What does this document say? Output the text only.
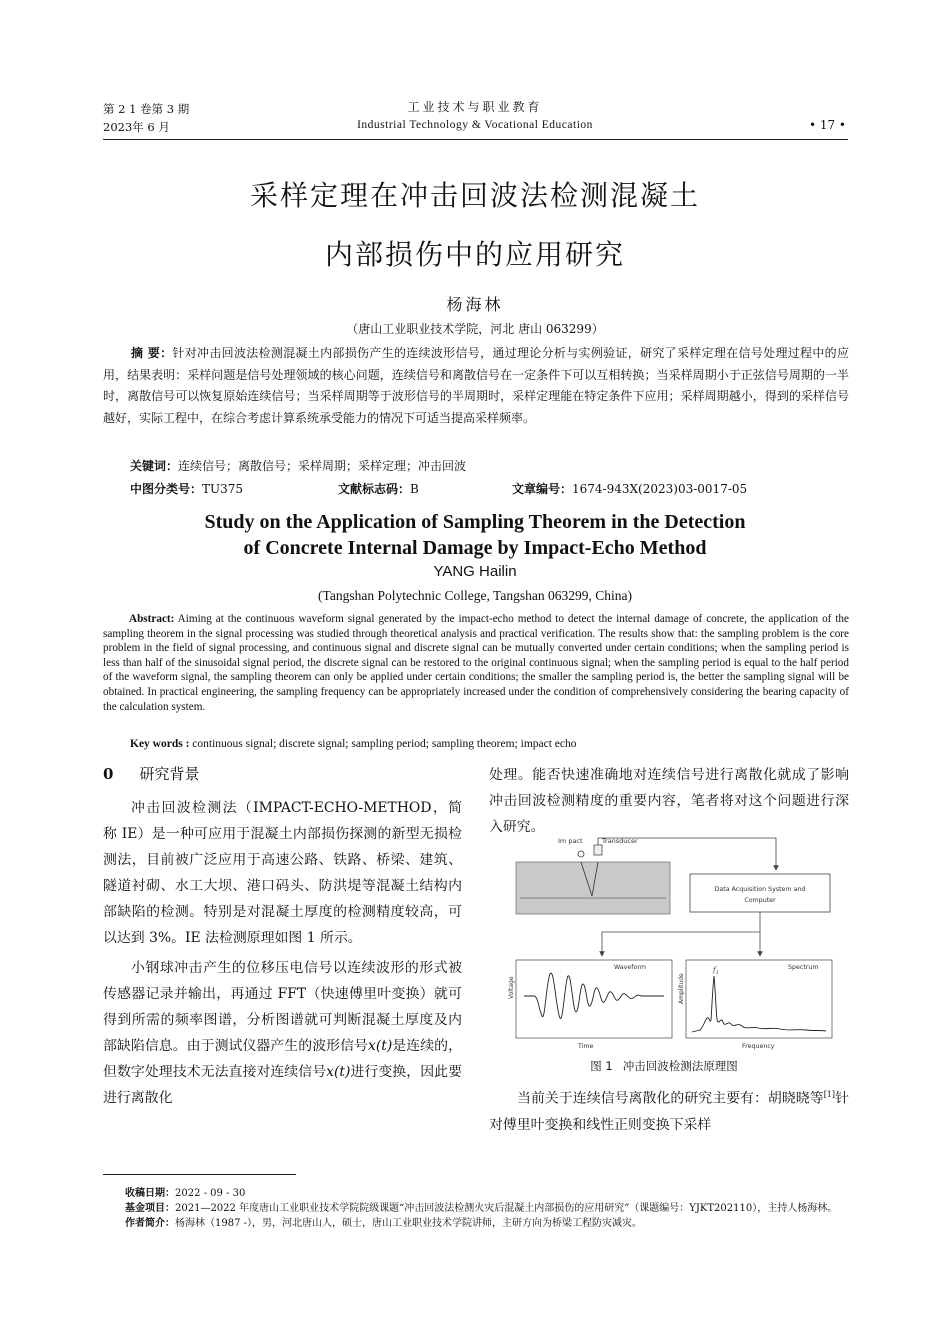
第 2 1 卷第 3 期
2023年 6 月
工业技术与职业教育
Industrial Technology & Vocational Education	• 17 •
采样定理在冲击回波法检测混凝土
内部损伤中的应用研究
杨海林
（唐山工业职业技术学院，河北 唐山 063299）
摘 要：针对冲击回波法检测混凝土内部损伤产生的连续波形信号，通过理论分析与实例验证，研究了采样定理在信号处理过程中的应用，结果表明：采样问题是信号处理领域的核心问题，连续信号和离散信号在一定条件下可以互相转换；当采样周期小于正弦信号周期的一半时，离散信号可以恢复原始连续信号；当采样周期等于波形信号的半周期时，采样定理能在特定条件下应用；采样周期越小，得到的采样信号越好，实际工程中，在综合考虑计算系统承受能力的情况下可适当提高采样频率。
关键词：连续信号；离散信号；采样周期；采样定理；冲击回波
中图分类号：TU375	文献标志码：B	文章编号：1674-943X(2023)03-0017-05
Study on the Application of Sampling Theorem in the Detection
of Concrete Internal Damage by Impact-Echo Method
YANG Hailin
(Tangshan Polytechnic College, Tangshan 063299, China)
Abstract: Aiming at the continuous waveform signal generated by the impact-echo method to detect the internal damage of concrete, the application of the sampling theorem in the signal processing was studied through theoretical analysis and practical verification. The results show that: the sampling problem is the core problem in the field of signal processing, and continuous signal and discrete signal can be mutually converted under certain conditions; when the sampling period is less than half of the sinusoidal signal period, the discrete signal can be restored to the original continuous signal; when the sampling period is equal to the half period of the waveform signal, the sampling theorem can only be applied under certain conditions; the smaller the sampling period is, the better the sampling signal will be obtained. In practical engineering, the sampling frequency can be appropriately increased under the condition of comprehensively considering the bearing capacity of the calculation system.
Key words : continuous signal; discrete signal; sampling period; sampling theorem; impact echo
0 研究背景

冲击回波检测法（IMPACT-ECHO-METHOD，简称 IE）是一种可应用于混凝土内部损伤探测的新型无损检测法，目前被广泛应用于高速公路、铁路、桥梁、建筑、隧道衬砌、水工大坝、港口码头、防洪堤等混凝土结构内部缺陷的检测。特别是对混凝土厚度的检测精度较高，可以达到 3%。IE 法检测原理如图 1 所示。

小钢球冲击产生的位移压电信号以连续波形的形式被传感器记录并输出，再通过 FFT（快速傅里叶变换）就可得到所需的频率图谱，分析图谱就可判断混凝土厚度及内部缺陷信息。由于测试仪器产生的波形信号x(t)是连续的，但数字处理技术无法直接对连续信号x(t)进行变换，因此要进行离散化

处理。能否快速准确地对连续信号进行离散化就成了影响冲击回波检测精度的重要内容，笔者将对这个问题进行深入研究。

Im pact	Transducer
Data Acquisition System and
Computer
Waveform
Voltage
Time
Spectrum
Amplitude
Frequency
$f_1$
图 1 冲击回波检测法原理图

当前关于连续信号离散化的研究主要有：胡晓晓等[1]针对傅里叶变换和线性正则变换下采样

收稿日期：2022 - 09 - 30
基金项目：2021—2022 年度唐山工业职业技术学院院级课题“冲击回波法检测火灾后混凝土内部损伤的应用研究”（课题编号：YJKT202110），主持人杨海林。
作者简介：杨海林（1987 -），男，河北唐山人，硕士，唐山工业职业技术学院讲师，主研方向为桥梁工程防灾减灾。
